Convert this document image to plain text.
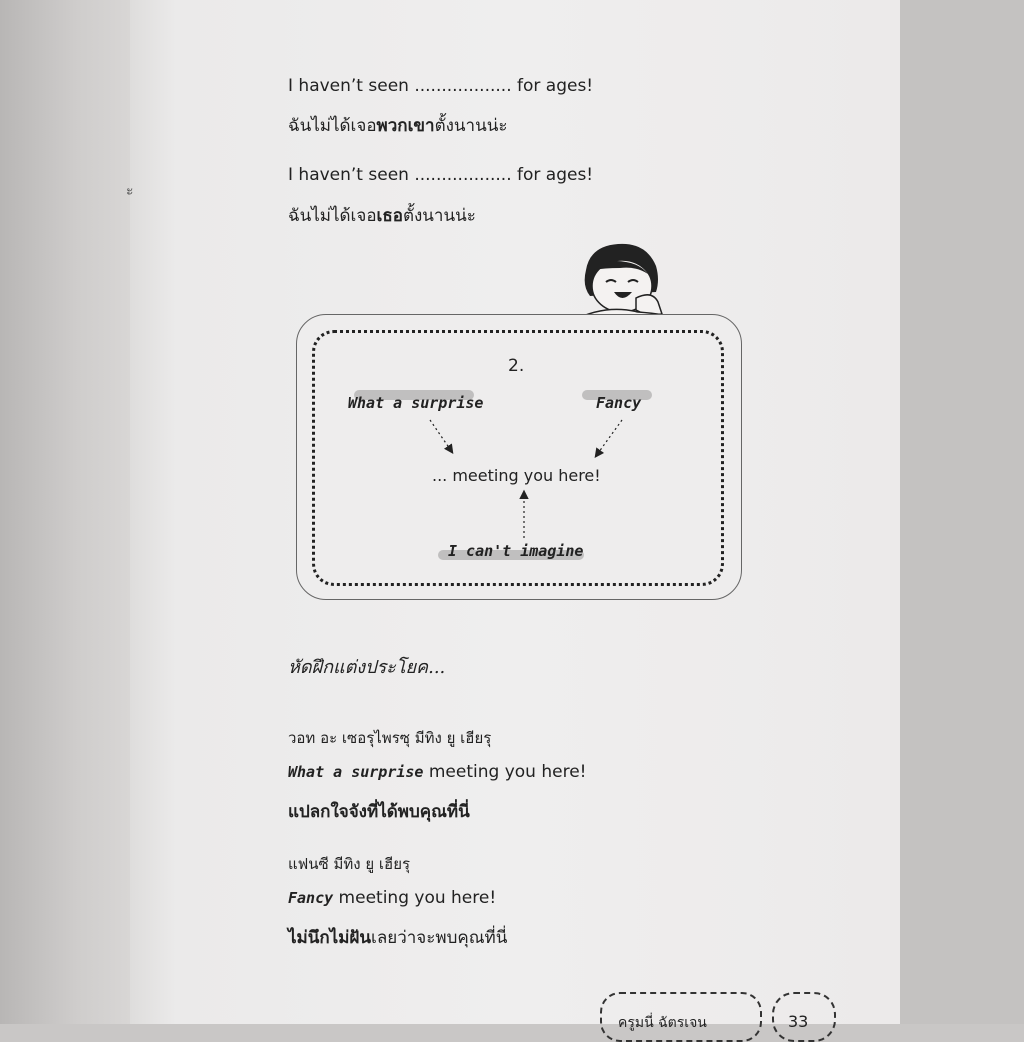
ะ
I haven’t seen .................. for ages!
ฉันไม่ได้เจอพวกเขาตั้งนานน่ะ
I haven’t seen .................. for ages!
ฉันไม่ได้เจอเธอตั้งนานน่ะ
2.
What a surprise	Fancy
... meeting you here!
I can't imagine
หัดฝึกแต่งประโยค...
วอท อะ เซอรุไพรซุ มีทิง ยู เฮียรุ
What a surprise meeting you here!
แปลกใจจังที่ได้พบคุณที่นี่
แฟนซี มีทิง ยู เฮียรุ
Fancy meeting you here!
ไม่นึกไม่ฝันเลยว่าจะพบคุณที่นี่
ครูมนี่ ฉัตรเจน	33
